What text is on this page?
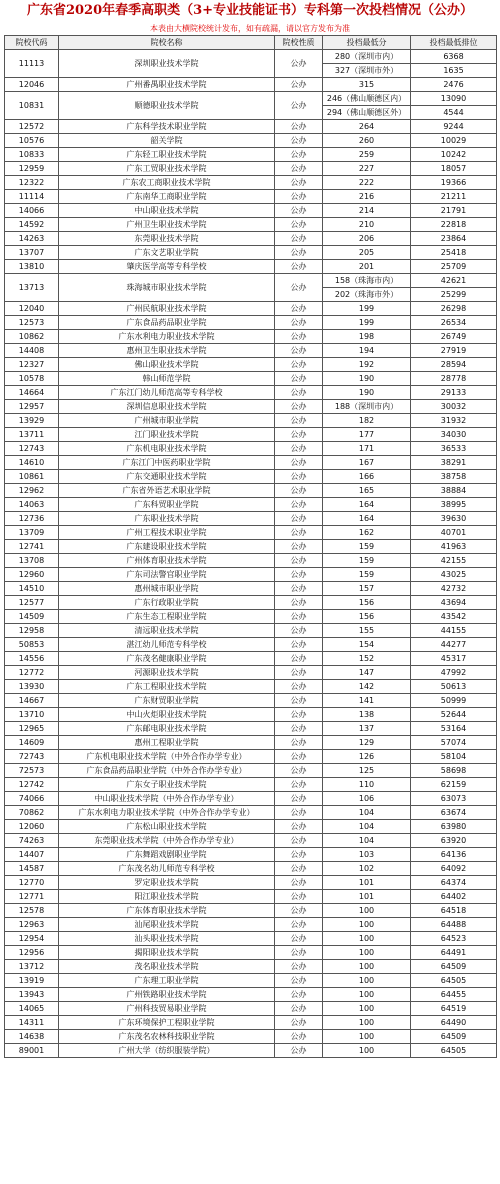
广东省2020年春季高职类（3+专业技能证书）专科第一次投档情况（公办）
本表由大横院校统计发布，如有疏漏，请以官方发布为准
院校代码	院校名称	院校性质	投档最低分	投档最低排位
11113	深圳职业技术学院	公办	280（深圳市内）	6368
			327（深圳市外）	1635
12046	广州番禺职业技术学院	公办	315	2476
10831	顺德职业技术学院	公办	246（佛山顺德区内）	13090
			294（佛山顺德区外）	4544
12572	广东科学技术职业学院	公办	264	9244
10576	韶关学院	公办	260	10029
10833	广东轻工职业技术学院	公办	259	10242
12959	广东工贸职业技术学院	公办	227	18057
12322	广东农工商职业技术学院	公办	222	19366
11114	广东南华工商职业学院	公办	216	21211
14066	中山职业技术学院	公办	214	21791
14592	广州卫生职业技术学院	公办	210	22818
14263	东莞职业技术学院	公办	206	23864
13707	广东文艺职业学院	公办	205	25418
13810	肇庆医学高等专科学校	公办	201	25709
13713	珠海城市职业技术学院	公办	158（珠海市内）	42621
			202（珠海市外）	25299
12040	广州民航职业技术学院	公办	199	26298
12573	广东食品药品职业学院	公办	199	26534
10862	广东水利电力职业技术学院	公办	198	26749
14408	惠州卫生职业技术学院	公办	194	27919
12327	佛山职业技术学院	公办	192	28594
10578	韩山师范学院	公办	190	28778
14664	广东江门幼儿师范高等专科学校	公办	190	29133
12957	深圳信息职业技术学院	公办	188（深圳市内）	30032
13929	广州城市职业学院	公办	182	31932
13711	江门职业技术学院	公办	177	34030
12743	广东机电职业技术学院	公办	171	36533
14610	广东江门中医药职业学院	公办	167	38291
10861	广东交通职业技术学院	公办	166	38758
12962	广东省外语艺术职业学院	公办	165	38884
14063	广东科贸职业学院	公办	164	38995
12736	广东职业技术学院	公办	164	39630
13709	广州工程技术职业学院	公办	162	40701
12741	广东建设职业技术学院	公办	159	41963
13708	广州体育职业技术学院	公办	159	42155
12960	广东司法警官职业学院	公办	159	43025
14510	惠州城市职业学院	公办	157	42732
12577	广东行政职业学院	公办	156	43694
14509	广东生态工程职业学院	公办	156	43542
12958	清远职业技术学院	公办	155	44155
50853	湛江幼儿师范专科学校	公办	154	44277
14556	广东茂名健康职业学院	公办	152	45317
12772	河源职业技术学院	公办	147	47992
13930	广东工程职业技术学院	公办	142	50613
14667	广东财贸职业学院	公办	141	50999
13710	中山火炬职业技术学院	公办	138	52644
12965	广东邮电职业技术学院	公办	137	53164
14609	惠州工程职业学院	公办	129	57074
72743	广东机电职业技术学院（中外合作办学专业）	公办	126	58104
72573	广东食品药品职业学院（中外合作办学专业）	公办	125	58698
12742	广东女子职业技术学院	公办	110	62159
74066	中山职业技术学院（中外合作办学专业）	公办	106	63073
70862	广东水利电力职业技术学院（中外合作办学专业）	公办	104	63674
12060	广东松山职业技术学院	公办	104	63980
74263	东莞职业技术学院（中外合作办学专业）	公办	104	63920
14407	广东舞蹈戏剧职业学院	公办	103	64136
14587	广东茂名幼儿师范专科学校	公办	102	64092
12770	罗定职业技术学院	公办	101	64374
12771	阳江职业技术学院	公办	101	64402
12578	广东体育职业技术学院	公办	100	64518
12963	汕尾职业技术学院	公办	100	64488
12954	汕头职业技术学院	公办	100	64523
12956	揭阳职业技术学院	公办	100	64491
13712	茂名职业技术学院	公办	100	64509
13919	广东理工职业学院	公办	100	64505
13943	广州铁路职业技术学院	公办	100	64455
14065	广州科技贸易职业学院	公办	100	64519
14311	广东环境保护工程职业学院	公办	100	64490
14638	广东茂名农林科技职业学院	公办	100	64509
89001	广州大学（纺织服装学院）	公办	100	64505
